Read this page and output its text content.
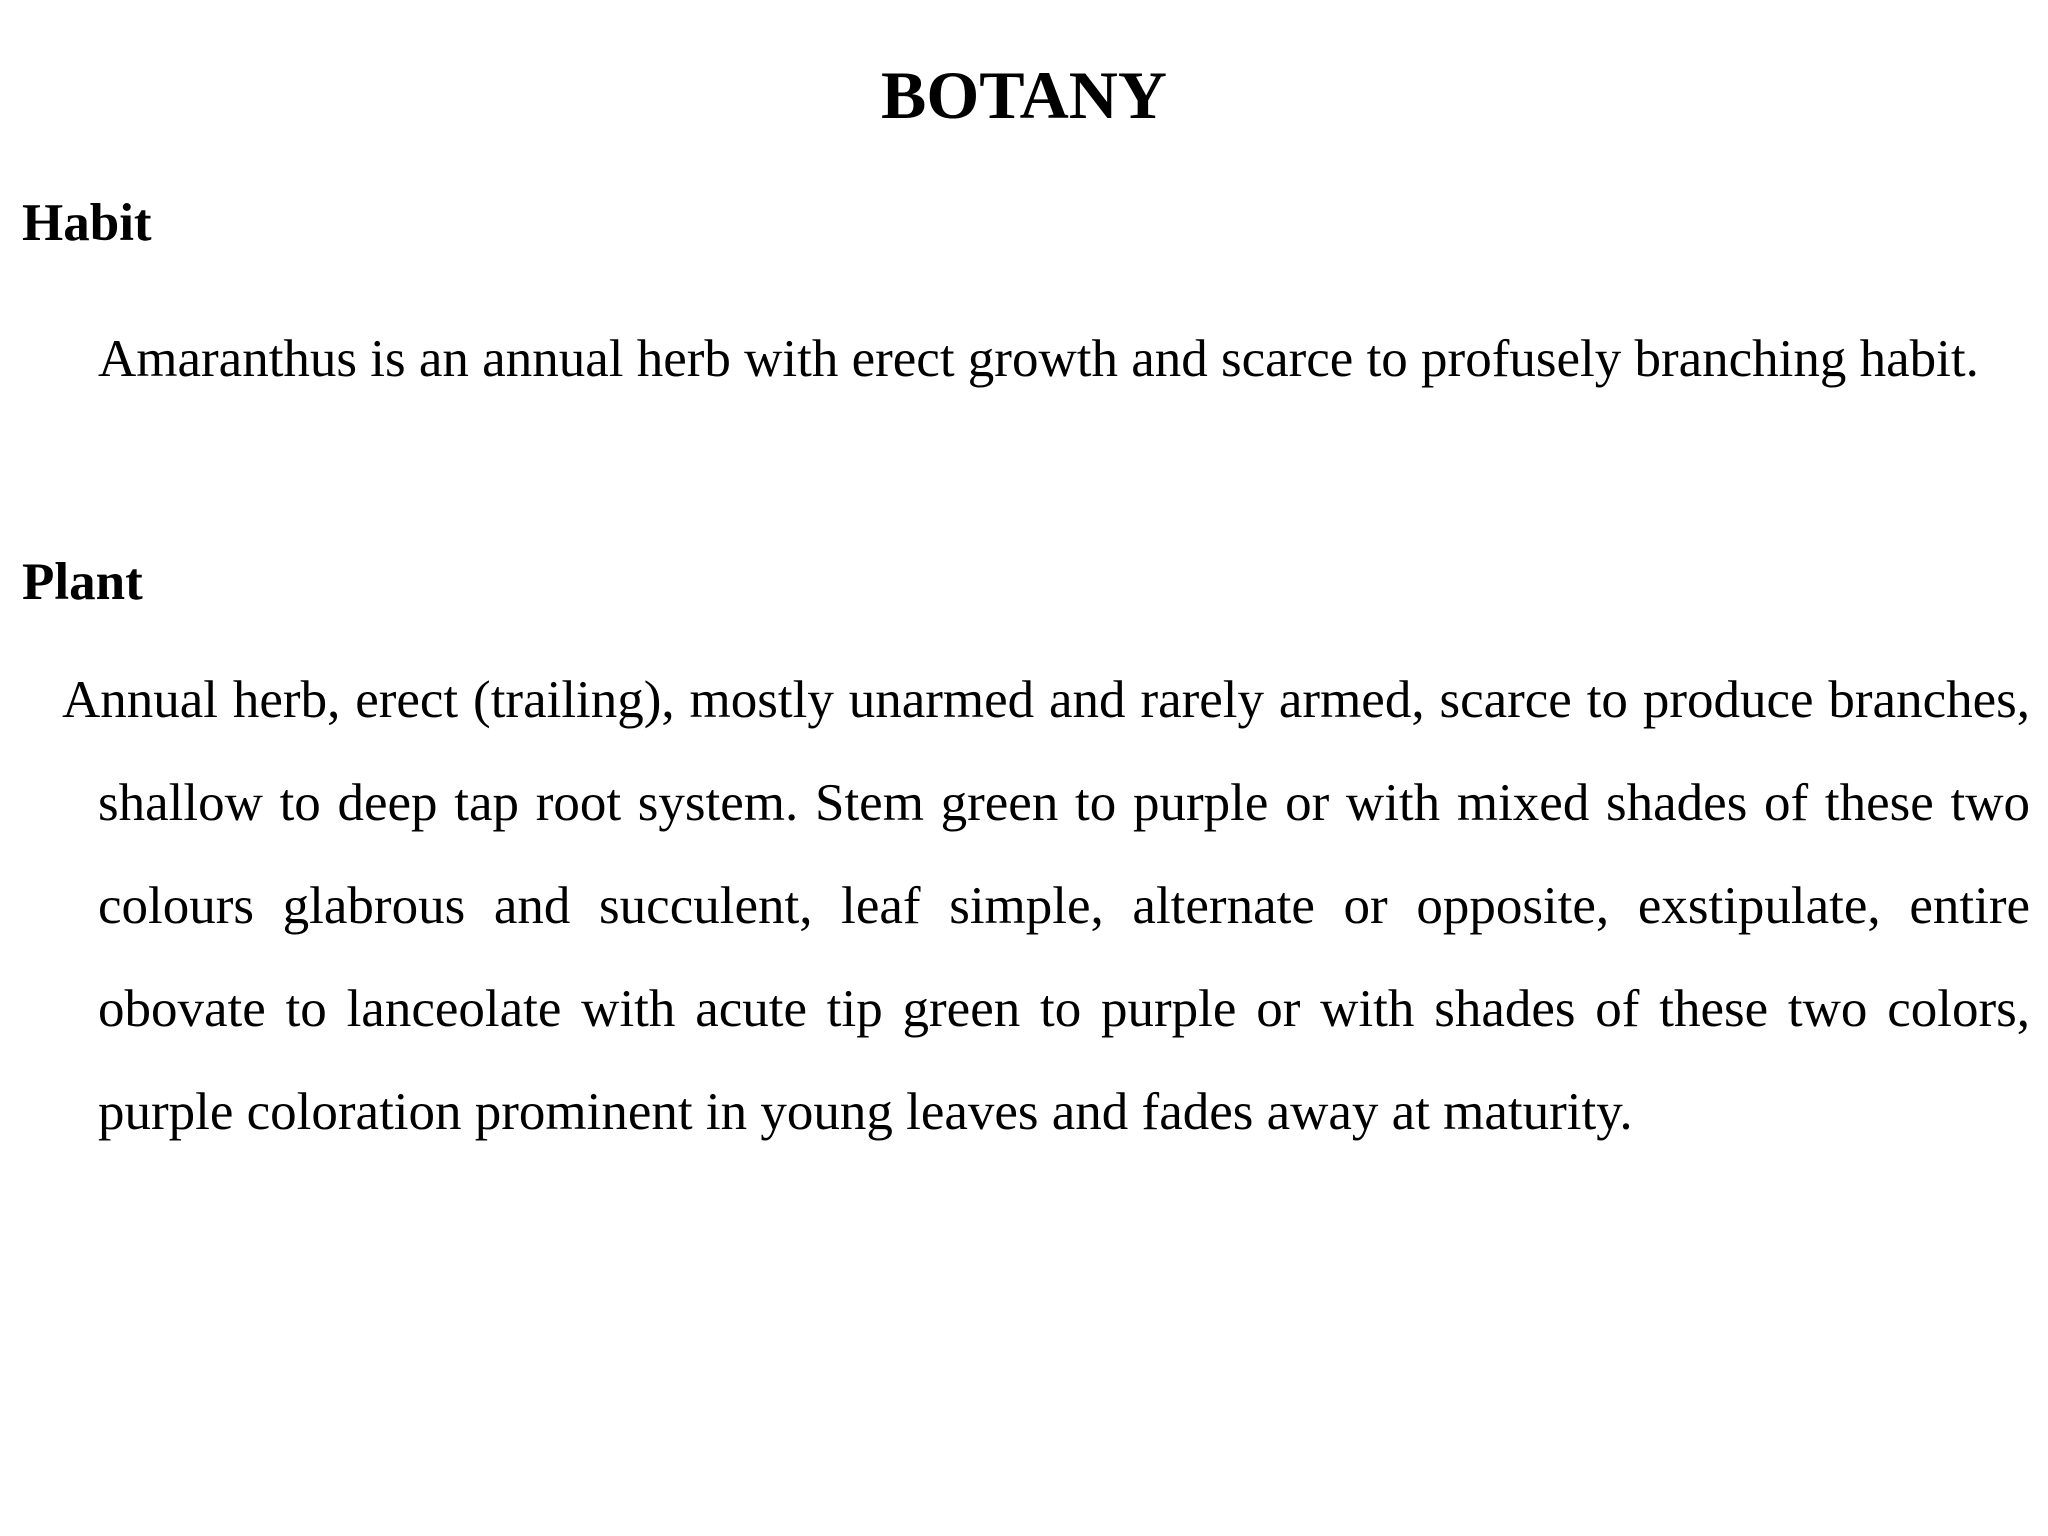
BOTANY
Habit

Amaranthus is an annual herb with erect growth and scarce to profusely branching habit.

Plant

Annual herb, erect (trailing), mostly unarmed and rarely armed, scarce to produce branches, shallow to deep tap root system. Stem green to purple or with mixed shades of these two colours glabrous and succulent, leaf simple, alternate or opposite, exstipulate, entire obovate to lanceolate with acute tip green to purple or with shades of these two colors, purple coloration prominent in young leaves and fades away at maturity.
